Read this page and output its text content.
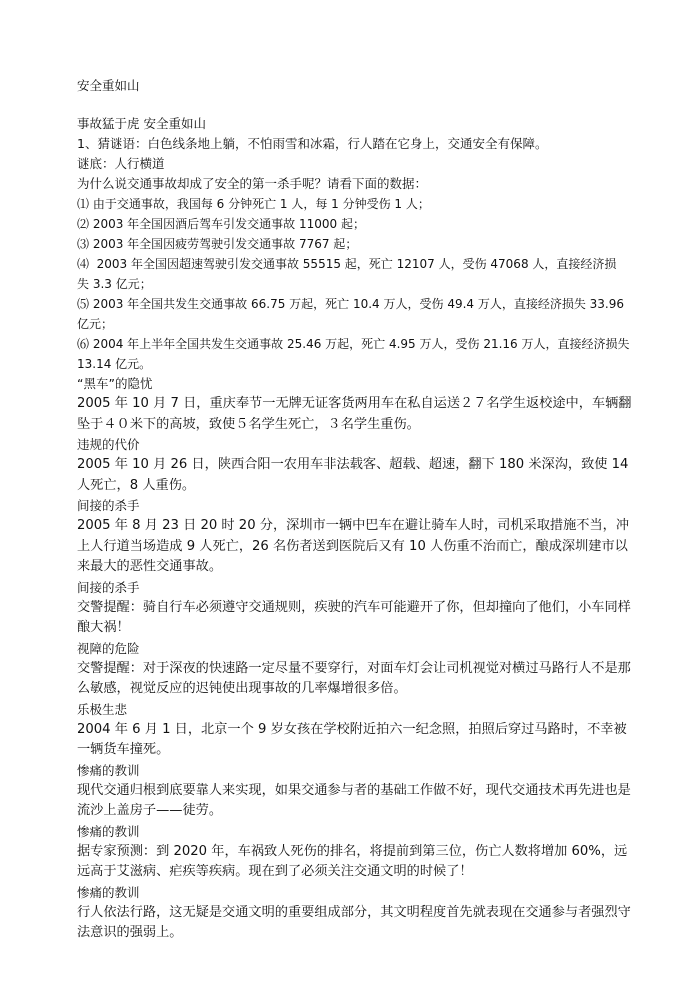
安全重如山

事故猛于虎 安全重如山

1、猜谜语：白色线条地上躺，不怕雨雪和冰霜，行人踏在它身上，交通安全有保障。

谜底：人行横道

为什么说交通事故却成了安全的第一杀手呢？请看下面的数据：

⑴ 由于交通事故，我国每 6 分钟死亡 1 人，每 1 分钟受伤 1 人；

⑵ 2003 年全国因酒后驾车引发交通事故 11000 起；

⑶ 2003 年全国因疲劳驾驶引发交通事故 7767 起；

⑷  2003 年全国因超速驾驶引发交通事故 55515 起，死亡 12107 人，受伤 47068 人，直接经济损 失 3.3 亿元；

⑸ 2003 年全国共发生交通事故 66.75 万起，死亡 10.4 万人，受伤 49.4 万人，直接经济损失 33.96 亿元；

⑹ 2004 年上半年全国共发生交通事故 25.46 万起，死亡 4.95 万人，受伤 21.16 万人，直接经济损失 13.14 亿元。

“黑车”的隐忧

2005 年 10 月 7 日，重庆奉节一无牌无证客货两用车在私自运送２７名学生返校途中，车辆翻坠于４０米下的高坡，致使５名学生死亡，３名学生重伤。

违规的代价

2005 年 10 月 26 日，陕西合阳一农用车非法载客、超载、超速，翻下 180 米深沟，致使 14 人死亡，8 人重伤。

间接的杀手

2005 年 8 月 23 日 20 时 20 分，深圳市一辆中巴车在避让骑车人时，司机采取措施不当，冲上人行道当场造成 9 人死亡，26 名伤者送到医院后又有 10 人伤重不治而亡，酿成深圳建市以来最大的恶性交通事故。

间接的杀手

交警提醒：骑自行车必须遵守交通规则，疾驶的汽车可能避开了你，但却撞向了他们，小车同样酿大祸！

视障的危险

交警提醒：对于深夜的快速路一定尽量不要穿行，对面车灯会让司机视觉对横过马路行人不是那么敏感，视觉反应的迟钝使出现事故的几率爆增很多倍。

乐极生悲

2004 年 6 月 1 日，北京一个 9 岁女孩在学校附近拍六一纪念照，拍照后穿过马路时，不幸被一辆货车撞死。

惨痛的教训

现代交通归根到底要靠人来实现，如果交通参与者的基础工作做不好，现代交通技术再先进也是流沙上盖房子——徒劳。

惨痛的教训

据专家预测：到 2020 年，车祸致人死伤的排名，将提前到第三位，伤亡人数将增加 60%，远远高于艾滋病、疟疾等疾病。现在到了必须关注交通文明的时候了！

惨痛的教训

行人依法行路，这无疑是交通文明的重要组成部分，其文明程度首先就表现在交通参与者强烈守法意识的强弱上。
